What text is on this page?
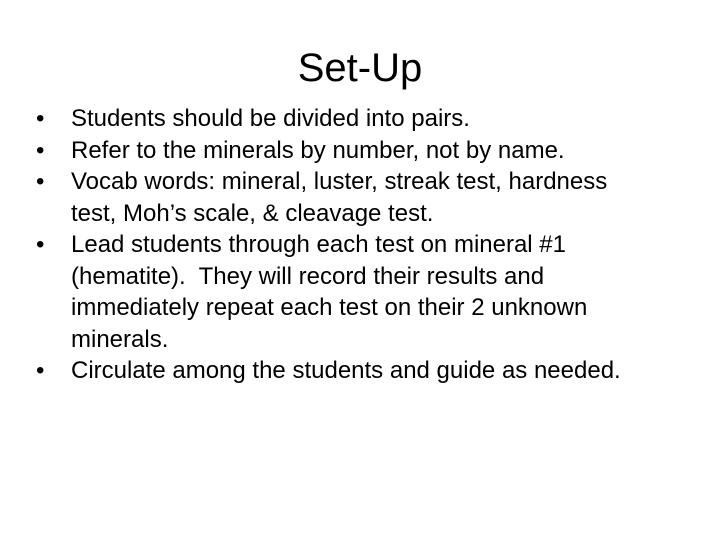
Set-Up
•	Students should be divided into pairs.
•	Refer to the minerals by number, not by name.
•	Vocab words: mineral, luster, streak test, hardness test, Moh’s scale, & cleavage test.
•	Lead students through each test on mineral #1 (hematite).  They will record their results and immediately repeat each test on their 2 unknown minerals.
•	Circulate among the students and guide as needed.
